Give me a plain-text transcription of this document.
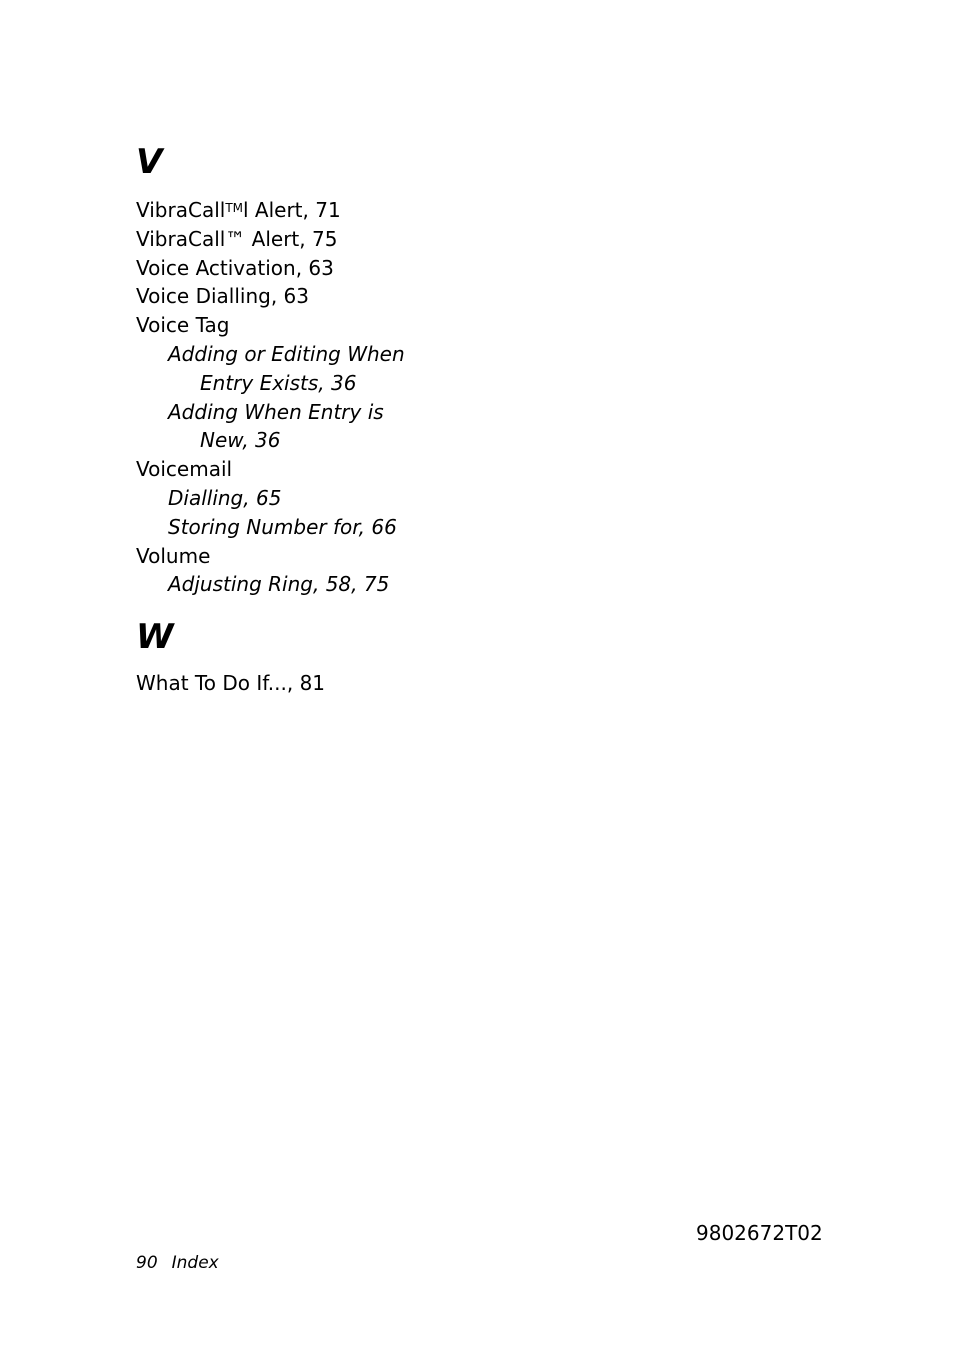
V
VibraCall™l Alert, 71
VibraCall™ Alert, 75
Voice Activation, 63
Voice Dialling, 63
Voice Tag
Adding or Editing When
Entry Exists, 36
Adding When Entry is
New, 36
Voicemail
Dialling, 65
Storing Number for, 66
Volume
Adjusting Ring, 58, 75
W
What To Do If..., 81
9802672T02
90 Index
